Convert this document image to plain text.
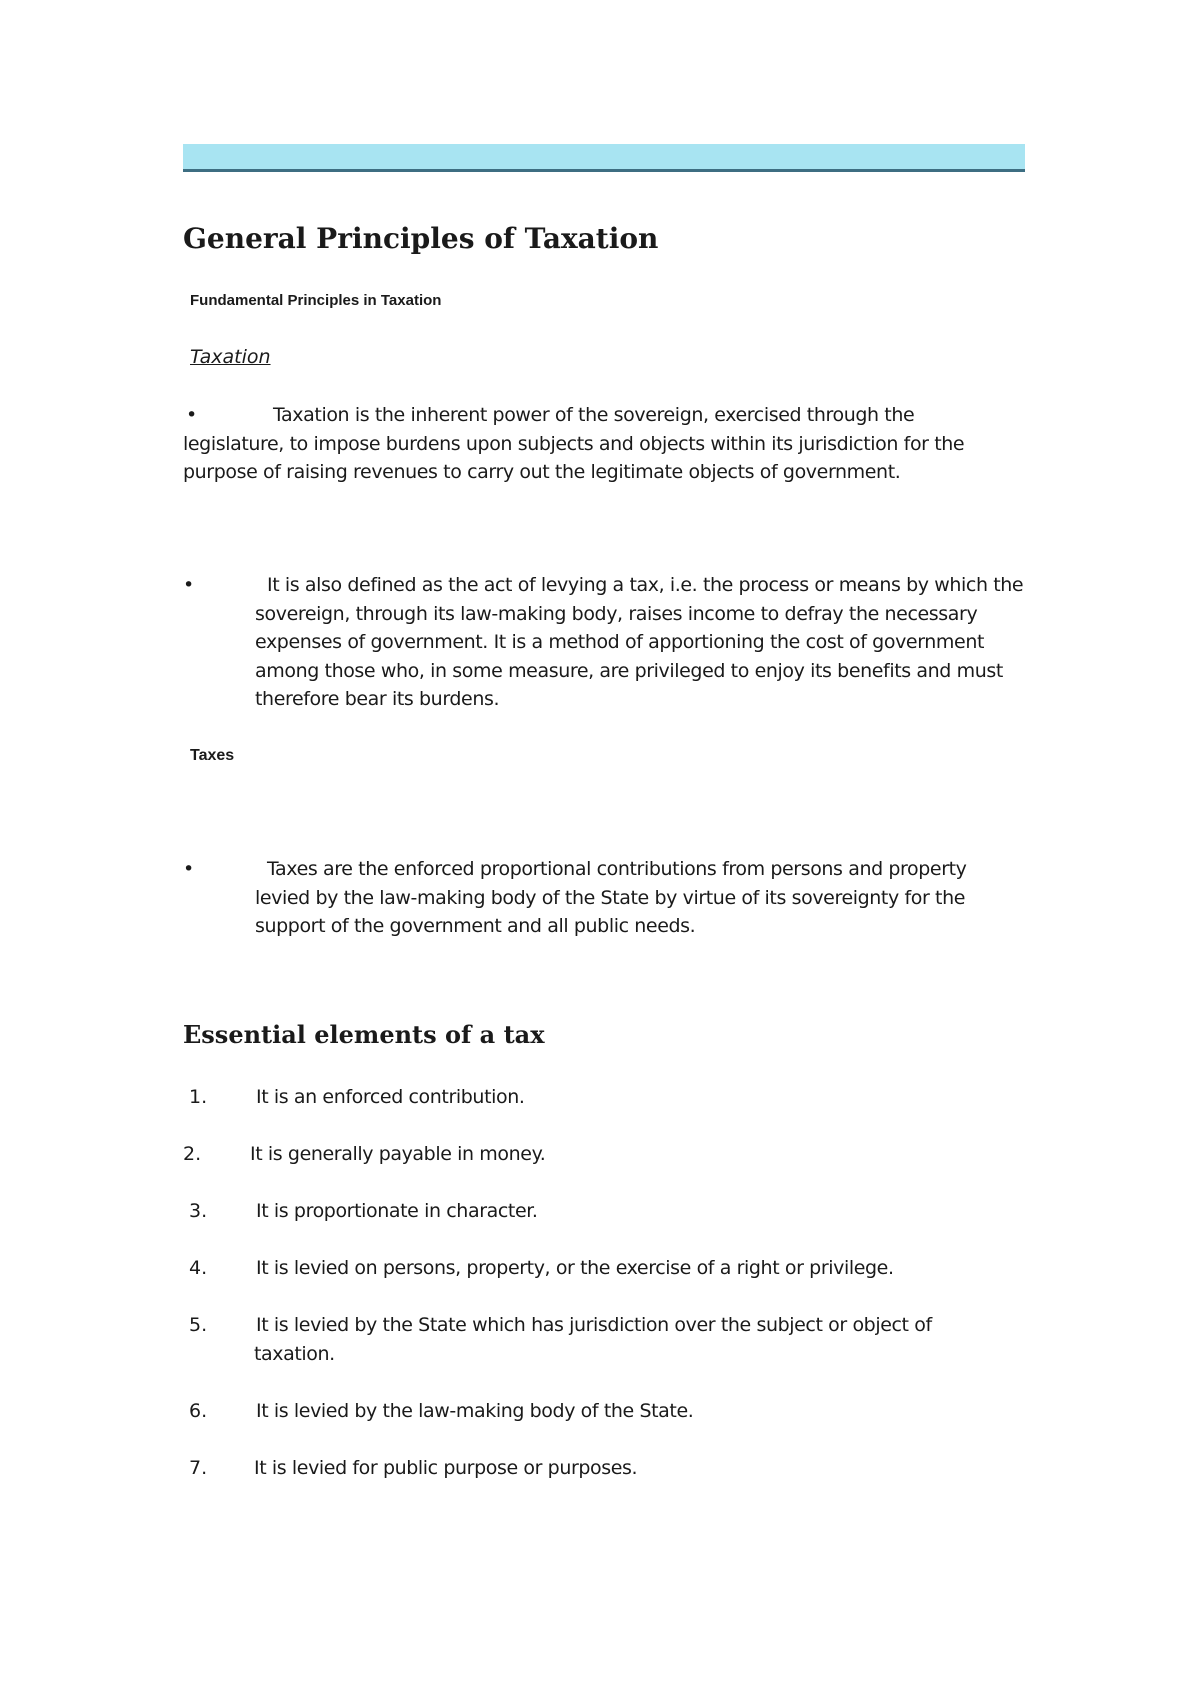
General Principles of Taxation
Fundamental Principles in Taxation
Taxation
•	Taxation is the inherent power of the sovereign, exercised through the legislature, to impose burdens upon subjects and objects within its jurisdiction for the purpose of raising revenues to carry out the legitimate objects of government.
•	It is also defined as the act of levying a tax, i.e. the process or means by which the sovereign, through its law-making body, raises income to defray the necessary expenses of government. It is a method of apportioning the cost of government among those who, in some measure, are privileged to enjoy its benefits and must therefore bear its burdens.
Taxes
•	Taxes are the enforced proportional contributions from persons and property levied by the law-making body of the State by virtue of its sovereignty for the support of the government and all public needs.
Essential elements of a tax
1.	It is an enforced contribution.
2.	It is generally payable in money.
3.	It is proportionate in character.
4.	It is levied on persons, property, or the exercise of a right or privilege.
5.	It is levied by the State which has jurisdiction over the subject or object of taxation.
6.	It is levied by the law-making body of the State.
7.	It is levied for public purpose or purposes.
